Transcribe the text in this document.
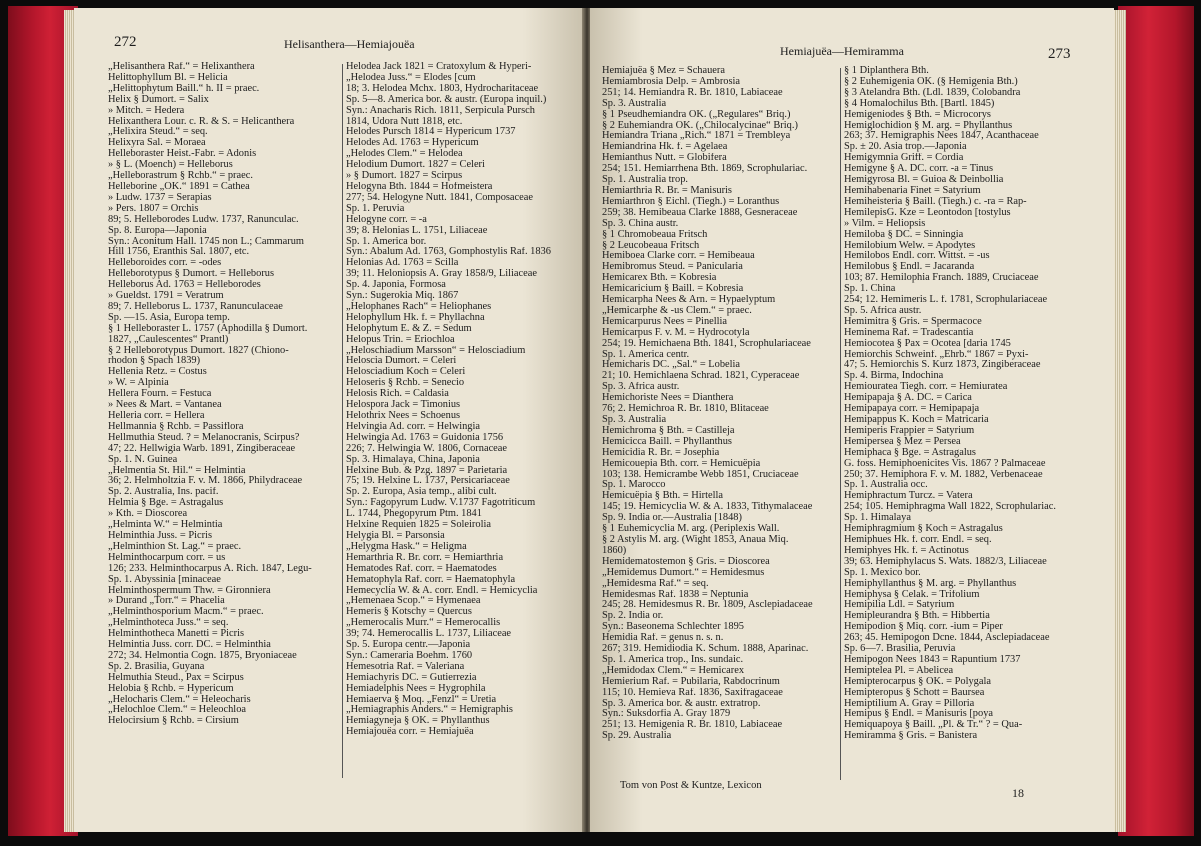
272	Helisanthera—Hemiajouëa
„Helisanthera Raf.“ = Helixanthera
Helittophyllum Bl. = Helicia
„Helittophytum Baill.“ h. II = praec.
Helix § Dumort. = Salix
» Mitch. = Hedera
Helixanthera Lour. c. R. & S. = Helicanthera
„Helixira Steud.“ = seq.
Helixyra Sal. = Moraea
Helleboraster Heist.-Fabr. = Adonis
» § L. (Moench) = Helleborus
„Helleborastrum § Rchb.“ = praec.
Helleborine „OK.“ 1891 = Cathea
» Ludw. 1737 = Serapias
» Pers. 1807 = Orchis
89; 5. Helleborodes Ludw. 1737, Ranunculac.
Sp. 8. Europa—Japonia
Syn.: Aconitum Hall. 1745 non L.; Cammarum
Hill 1756, Eranthis Sal. 1807, etc.
Helleboroides corr. = -odes
Helleborotypus § Dumort. = Helleborus
Helleborus Ad. 1763 = Helleborodes
» Gueldst. 1791 = Veratrum
89; 7. Helleborus L. 1737, Ranunculaceae
Sp. —15. Asia, Europa temp.
§ 1 Helleboraster L. 1757 (Aphodilla § Dumort.
1827, „Caulescentes“ Prantl)
§ 2 Helleborotypus Dumort. 1827 (Chiono-
rhodon § Spach 1839)
Hellenia Retz. = Costus
» W. = Alpinia
Hellera Fourn. = Festuca
» Nees & Mart. = Vantanea
Helleria corr. = Hellera
Hellmannia § Rchb. = Passiflora
Hellmuthia Steud. ? = Melanocranis, Scirpus?
47; 22. Hellwigia Warb. 1891, Zingiberaceae
Sp. 1. N. Guinea
„Helmentia St. Hil.“ = Helmintia
36; 2. Helmholtzia F. v. M. 1866, Philydraceae
Sp. 2. Australia, Ins. pacif.
Helmia § Bge. = Astragalus
» Kth. = Dioscorea
„Helminta W.“ = Helmintia
Helminthia Juss. = Picris
„Helminthion St. Lag.“ = praec.
Helminthocarpum corr. = us
126; 233. Helminthocarpus A. Rich. 1847, Legu-
Sp. 1. Abyssinia [minaceae
Helminthospermum Thw. = Gironniera
» Durand „Torr.“ = Phacelia
„Helminthosporium Macm.“ = praec.
„Helminthoteca Juss.“ = seq.
Helminthotheca Manetti = Picris
Helmintia Juss. corr. DC. = Helminthia
272; 34. Helmontia Cogn. 1875, Bryoniaceae
Sp. 2. Brasilia, Guyana
Helmuthia Steud., Pax = Scirpus
Helobia § Rchb. = Hypericum
„Helocharis Clem.“ = Heleocharis
„Helochloe Clem.“ = Heleochloa
Helocirsium § Rchb. = Cirsium
Helodea Jack 1821 = Cratoxylum & Hyperi-
„Helodea Juss.“ = Elodes [cum
18; 3. Helodea Mchx. 1803, Hydrocharitaceae
Sp. 5—8. America bor. & austr. (Europa inquil.)
Syn.: Anacharis Rich. 1811, Serpicula Pursch
1814, Udora Nutt 1818, etc.
Helodes Pursch 1814 = Hypericum 1737
Helodes Ad. 1763 = Hypericum
„Helodes Clem.“ = Helodea
Helodium Dumort. 1827 = Celeri
» § Dumort. 1827 = Scirpus
Helogyna Bth. 1844 = Hofmeistera
277; 54. Helogyne Nutt. 1841, Composaceae
Sp. 1. Peruvia
Helogyne corr. = -a
39; 8. Helonias L. 1751, Liliaceae
Sp. 1. America bor.
Syn.: Abalum Ad. 1763, Gomphostylis Raf. 1836
Helonias Ad. 1763 = Scilla
39; 11. Heloniopsis A. Gray 1858/9, Liliaceae
Sp. 4. Japonia, Formosa
Syn.: Sugerokia Miq. 1867
„Helophanes Rach“ = Heliophanes
Helophyllum Hk. f. = Phyllachna
Helophytum E. & Z. = Sedum
Helopus Trin. = Eriochloa
„Heloschiadium Marsson“ = Helosciadium
Heloscia Dumort. = Celeri
Helosciadium Koch = Celeri
Heloseris § Rchb. = Senecio
Helosis Rich. = Caldasia
Helospora Jack = Timonius
Helothrix Nees = Schoenus
Helvingia Ad. corr. = Helwingia
Helwingia Ad. 1763 = Guidonia 1756
226; 7. Helwingia W. 1806, Cornaceae
Sp. 3. Himalaya, China, Japonia
Helxine Bub. & Pzg. 1897 = Parietaria
75; 19. Helxine L. 1737, Persicariaceae
Sp. 2. Europa, Asia temp., alibi cult.
Syn.: Fagopyrum Ludw. V.1737 Fagotriticum
L. 1744, Phegopyrum Ptm. 1841
Helxine Requien 1825 = Soleirolia
Helygia Bl. = Parsonsia
„Helygma Hask.“ = Heligma
Hemarthria R. Br. corr. = Hemiarthria
Hematodes Raf. corr. = Haematodes
Hematophyla Raf. corr. = Haematophyla
Hemecyclia W. & A. corr. Endl. = Hemicyclia
„Hemenaea Scop.“ = Hymenaea
Hemeris § Kotschy = Quercus
„Hemerocalis Murr.“ = Hemerocallis
39; 74. Hemerocallis L. 1737, Liliaceae
Sp. 5. Europa centr.—Japonia
Syn.: Cameraria Boehm. 1760
Hemesotria Raf. = Valeriana
Hemiachyris DC. = Gutierrezia
Hemiadelphis Nees = Hygrophila
Hemiaerva § Moq. „Fenzl“ = Uretia
„Hemiagraphis Anders.“ = Hemigraphis
Hemiagyneja § OK. = Phyllanthus
Hemiajouëa corr. = Hemiajuëa
Hemiajuëa—Hemiramma	273
Hemiajuëa § Mez = Schauera
Hemiambrosia Delp. = Ambrosia
251; 14. Hemiandra R. Br. 1810, Labiaceae
Sp. 3. Australia
§ 1 Pseudhemiandra OK. („Regulares“ Briq.)
§ 2 Euhemiandra OK. („Chilocalycinae“ Briq.)
Hemiandra Triana „Rich.“ 1871 = Trembleya
Hemiandrina Hk. f. = Agelaea
Hemianthus Nutt. = Globifera
254; 151. Hemiarrhena Bth. 1869, Scrophulariac.
Sp. 1. Australia trop.
Hemiarthria R. Br. = Manisuris
Hemiarthron § Eichl. (Tiegh.) = Loranthus
259; 38. Hemibeaua Clarke 1888, Gesneraceae
Sp. 3. China austr.
§ 1 Chromobeaua Fritsch
§ 2 Leucobeaua Fritsch
Hemiboea Clarke corr. = Hemibeaua
Hemibromus Steud. = Panicularia
Hemicarex Bth. = Kobresia
Hemicaricium § Baill. = Kobresia
Hemicarpha Nees & Arn. = Hypaelyptum
„Hemicarphe & -us Clem.“ = praec.
Hemicarpurus Nees = Pinellia
Hemicarpus F. v. M. = Hydrocotyla
254; 19. Hemichaena Bth. 1841, Scrophulariaceae
Sp. 1. America centr.
Hemicharis DC. „Sal.“ = Lobelia
21; 10. Hemichlaena Schrad. 1821, Cyperaceae
Sp. 3. Africa austr.
Hemichoriste Nees = Dianthera
76; 2. Hemichroa R. Br. 1810, Blitaceae
Sp. 3. Australia
Hemichroma § Bth. = Castilleja
Hemicicca Baill. = Phyllanthus
Hemicidia R. Br. = Josephia
Hemicouepia Bth. corr. = Hemicuëpia
103; 138. Hemicrambe Webb 1851, Cruciaceae
Sp. 1. Marocco
Hemicuëpia § Bth. = Hirtella
145; 19. Hemicyclia W. & A. 1833, Tithymalaceae
Sp. 9. India or.—Australia [1848)
§ 1 Euhemicyclia M. arg. (Periplexis Wall.
§ 2 Astylis M. arg. (Wight 1853, Anaua Miq.
1860)
Hemidematostemon § Gris. = Dioscorea
„Hemidemus Dumort.“ = Hemidesmus
„Hemidesma Raf.“ = seq.
Hemidesmas Raf. 1838 = Neptunia
245; 28. Hemidesmus R. Br. 1809, Asclepiadaceae
Sp. 2. India or.
Syn.: Baseonema Schlechter 1895
Hemidia Raf. = genus n. s. n.
267; 319. Hemidiodia K. Schum. 1888, Aparinac.
Sp. 1. America trop., Ins. sundaic.
„Hemidodax Clem.“ = Hemicarex
Hemierium Raf. = Pubilaria, Rabdocrinum
115; 10. Hemieva Raf. 1836, Saxifragaceae
Sp. 3. America bor. & austr. extratrop.
Syn.: Suksdorfia A. Gray 1879
251; 13. Hemigenia R. Br. 1810, Labiaceae
Sp. 29. Australia
§ 1 Diplanthera Bth.
§ 2 Euhemigenia OK. (§ Hemigenia Bth.)
§ 3 Atelandra Bth. (Ldl. 1839, Colobandra
§ 4 Homalochilus Bth. [Bartl. 1845)
Hemigeniodes § Bth. = Microcorys
Hemiglochidion § M. arg. = Phyllanthus
263; 37. Hemigraphis Nees 1847, Acanthaceae
Sp. ± 20. Asia trop.—Japonia
Hemigymnia Griff. = Cordia
Hemigyne § A. DC. corr. -a = Tinus
Hemigyrosa Bl. = Guioa & Deinbollia
Hemihabenaria Finet = Satyrium
Hemiheisteria § Baill. (Tiegh.) c. -ra = Rap-
HemilepisG. Kze = Leontodon [tostylus
» Vilm. = Heliopsis
Hemiloba § DC. = Sinningia
Hemilobium Welw. = Apodytes
Hemilobos Endl. corr. Wittst. = -us
Hemilobus § Endl. = Jacaranda
103; 87. Hemilophia Franch. 1889, Cruciaceae
Sp. 1. China
254; 12. Hemimeris L. f. 1781, Scrophulariaceae
Sp. 5. Africa austr.
Hemimitra § Gris. = Spermacoce
Heminema Raf. = Tradescantia
Hemiocotea § Pax = Ocotea [daria 1745
Hemiorchis Schweinf. „Ehrb.“ 1867 = Pyxi-
47; 5. Hemiorchis S. Kurz 1873, Zingiberaceae
Sp. 4. Birma, Indochina
Hemiouratea Tiegh. corr. = Hemiuratea
Hemipapaja § A. DC. = Carica
Hemipapaya corr. = Hemipapaja
Hemipappus K. Koch = Matricaria
Hemiperis Frappier = Satyrium
Hemipersea § Mez = Persea
Hemiphaca § Bge. = Astragalus
G. foss. Hemiphoenicites Vis. 1867 ? Palmaceae
250; 37. Hemiphora F. v. M. 1882, Verbenaceae
Sp. 1. Australia occ.
Hemiphractum Turcz. = Vatera
254; 105. Hemiphragma Wall 1822, Scrophulariac.
Sp. 1. Himalaya
Hemiphragmium § Koch = Astragalus
Hemiphues Hk. f. corr. Endl. = seq.
Hemiphyes Hk. f. = Actinotus
39; 63. Hemiphylacus S. Wats. 1882/3, Liliaceae
Sp. 1. Mexico bor.
Hemiphyllanthus § M. arg. = Phyllanthus
Hemiphysa § Celak. = Trifolium
Hemipilia Ldl. = Satyrium
Hemipleurandra § Bth. = Hibbertia
Hemipodion § Miq. corr. -ium = Piper
263; 45. Hemipogon Dcne. 1844, Asclepiadaceae
Sp. 6—7. Brasilia, Peruvia
Hemipogon Nees 1843 = Rapuntium 1737
Hemiptelea Pl. = Abelicea
Hemipterocarpus § OK. = Polygala
Hemipteropus § Schott = Baursea
Hemiptilium A. Gray = Pilloria
Hemipus § Endl. = Manisuris [poya
Hemiquapoya § Baill. „Pl. & Tr.“ ? = Qua-
Hemiramma § Gris. = Banistera
Tom von Post & Kuntze, Lexicon
18
